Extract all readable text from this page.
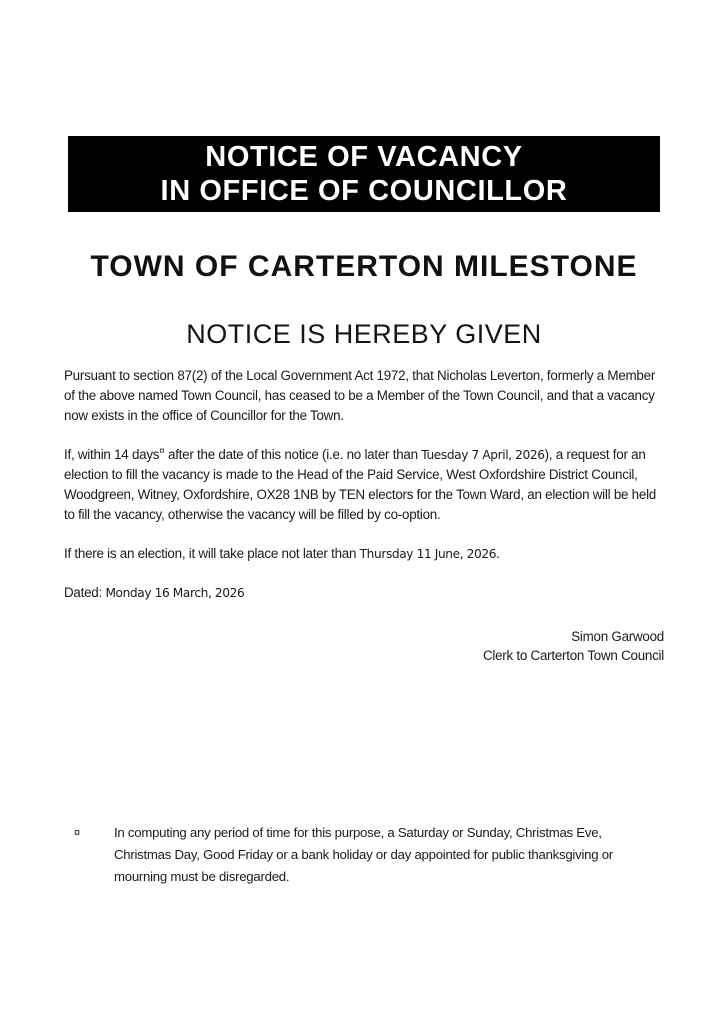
NOTICE OF VACANCY
IN OFFICE OF COUNCILLOR
TOWN OF CARTERTON MILESTONE
NOTICE IS HEREBY GIVEN

Pursuant to section 87(2) of the Local Government Act 1972, that Nicholas Leverton, formerly a Member of the above named Town Council, has ceased to be a Member of the Town Council, and that a vacancy now exists in the office of Councillor for the Town.

If, within 14 days¤ after the date of this notice (i.e. no later than Tuesday 7 April, 2026), a request for an election to fill the vacancy is made to the Head of the Paid Service, West Oxfordshire District Council, Woodgreen, Witney, Oxfordshire, OX28 1NB by TEN electors for the Town Ward, an election will be held to fill the vacancy, otherwise the vacancy will be filled by co-option.

If there is an election, it will take place not later than Thursday 11 June, 2026.

Dated: Monday 16 March, 2026

Simon Garwood
Clerk to Carterton Town Council
¤	In computing any period of time for this purpose, a Saturday or Sunday, Christmas Eve, Christmas Day, Good Friday or a bank holiday or day appointed for public thanksgiving or mourning must be disregarded.
